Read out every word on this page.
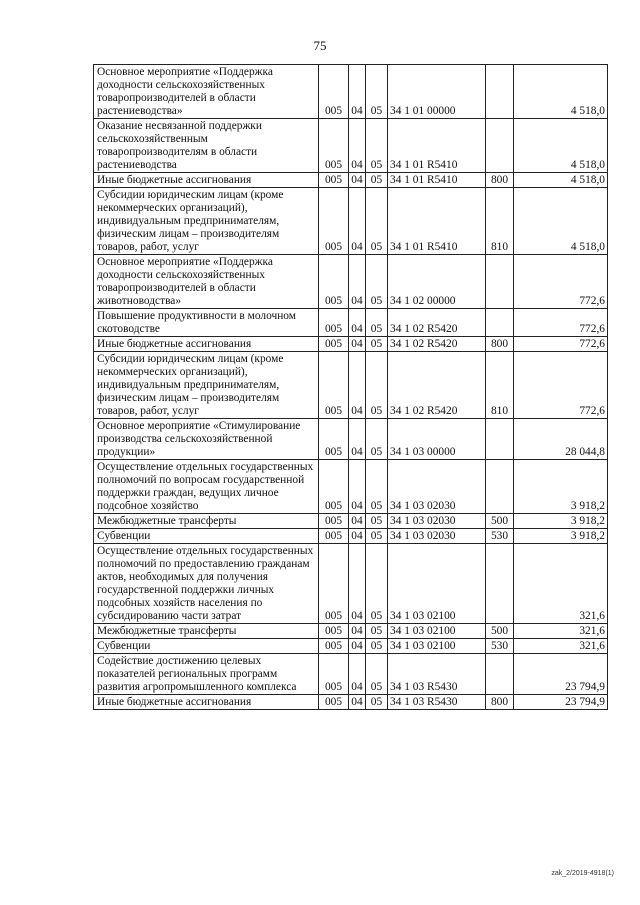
75
Основное мероприятие «Поддержка доходности сельскохозяйственных товаропроизводителей в области растениеводства»	005	04	05	34 1 01 00000		4 518,0
Оказание несвязанной поддержки сельскохозяйственным товаропроизводителям в области растениеводства	005	04	05	34 1 01 R5410		4 518,0
Иные бюджетные ассигнования	005	04	05	34 1 01 R5410	800	4 518,0
Субсидии юридическим лицам (кроме некоммерческих организаций), индивидуальным предпринимателям, физическим лицам – производителям товаров, работ, услуг	005	04	05	34 1 01 R5410	810	4 518,0
Основное мероприятие «Поддержка доходности сельскохозяйственных товаропроизводителей в области животноводства»	005	04	05	34 1 02 00000		772,6
Повышение продуктивности в молочном скотоводстве	005	04	05	34 1 02 R5420		772,6
Иные бюджетные ассигнования	005	04	05	34 1 02 R5420	800	772,6
Субсидии юридическим лицам (кроме некоммерческих организаций), индивидуальным предпринимателям, физическим лицам – производителям товаров, работ, услуг	005	04	05	34 1 02 R5420	810	772,6
Основное мероприятие «Стимулирование производства сельскохозяйственной продукции»	005	04	05	34 1 03 00000		28 044,8
Осуществление отдельных государственных полномочий по вопросам государственной поддержки граждан, ведущих личное подсобное хозяйство	005	04	05	34 1 03 02030		3 918,2
Межбюджетные трансферты	005	04	05	34 1 03 02030	500	3 918,2
Субвенции	005	04	05	34 1 03 02030	530	3 918,2
Осуществление отдельных государственных полномочий по предоставлению гражданам актов, необходимых для получения государственной поддержки личных подсобных хозяйств населения по субсидированию части затрат	005	04	05	34 1 03 02100		321,6
Межбюджетные трансферты	005	04	05	34 1 03 02100	500	321,6
Субвенции	005	04	05	34 1 03 02100	530	321,6
Содействие достижению целевых показателей региональных программ развития агропромышленного комплекса	005	04	05	34 1 03 R5430		23 794,9
Иные бюджетные ассигнования	005	04	05	34 1 03 R5430	800	23 794,9
zak_2/2019-4918(1)
